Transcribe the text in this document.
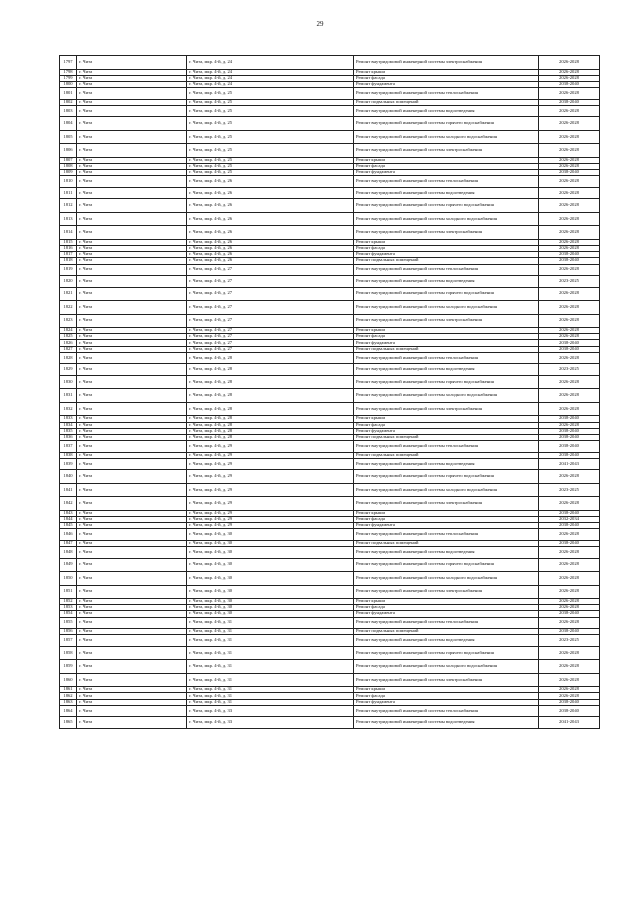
29
1797	г. Чита	г. Чита, мкр. 4-й, д. 24	Ремонт внутридомовой инженерной системы электроснабжения	2026-2028
1798	г. Чита	г. Чита, мкр. 4-й, д. 24	Ремонт крыши	2026-2028
1799	г. Чита	г. Чита, мкр. 4-й, д. 24	Ремонт фасада	2026-2028
1800	г. Чита	г. Чита, мкр. 4-й, д. 24	Ремонт фундамента	2038-2040
1801	г. Чита	г. Чита, мкр. 4-й, д. 25	Ремонт внутридомовой инженерной системы теплоснабжения	2026-2028
1802	г. Чита	г. Чита, мкр. 4-й, д. 25	Ремонт подвальных помещений	2038-2040
1803	г. Чита	г. Чита, мкр. 4-й, д. 25	Ремонт внутридомовой инженерной системы водоотведения	2026-2028
1804	г. Чита	г. Чита, мкр. 4-й, д. 25	Ремонт внутридомовой инженерной системы горячего водоснабжения	2026-2028
1805	г. Чита	г. Чита, мкр. 4-й, д. 25	Ремонт внутридомовой инженерной системы холодного водоснабжения	2026-2028
1806	г. Чита	г. Чита, мкр. 4-й, д. 25	Ремонт внутридомовой инженерной системы электроснабжения	2026-2028
1807	г. Чита	г. Чита, мкр. 4-й, д. 25	Ремонт крыши	2026-2028
1808	г. Чита	г. Чита, мкр. 4-й, д. 25	Ремонт фасада	2026-2028
1809	г. Чита	г. Чита, мкр. 4-й, д. 25	Ремонт фундамента	2038-2040
1810	г. Чита	г. Чита, мкр. 4-й, д. 26	Ремонт внутридомовой инженерной системы теплоснабжения	2026-2028
1811	г. Чита	г. Чита, мкр. 4-й, д. 26	Ремонт внутридомовой инженерной системы водоотведения	2026-2028
1812	г. Чита	г. Чита, мкр. 4-й, д. 26	Ремонт внутридомовой инженерной системы горячего водоснабжения	2026-2028
1813	г. Чита	г. Чита, мкр. 4-й, д. 26	Ремонт внутридомовой инженерной системы холодного водоснабжения	2026-2028
1814	г. Чита	г. Чита, мкр. 4-й, д. 26	Ремонт внутридомовой инженерной системы электроснабжения	2026-2028
1815	г. Чита	г. Чита, мкр. 4-й, д. 26	Ремонт крыши	2026-2028
1816	г. Чита	г. Чита, мкр. 4-й, д. 26	Ремонт фасада	2026-2028
1817	г. Чита	г. Чита, мкр. 4-й, д. 26	Ремонт фундамента	2038-2040
1818	г. Чита	г. Чита, мкр. 4-й, д. 26	Ремонт подвальных помещений	2038-2040
1819	г. Чита	г. Чита, мкр. 4-й, д. 27	Ремонт внутридомовой инженерной системы теплоснабжения	2026-2028
1820	г. Чита	г. Чита, мкр. 4-й, д. 27	Ремонт внутридомовой инженерной системы водоотведения	2023-2025
1821	г. Чита	г. Чита, мкр. 4-й, д. 27	Ремонт внутридомовой инженерной системы горячего водоснабжения	2026-2028
1822	г. Чита	г. Чита, мкр. 4-й, д. 27	Ремонт внутридомовой инженерной системы холодного водоснабжения	2026-2028
1823	г. Чита	г. Чита, мкр. 4-й, д. 27	Ремонт внутридомовой инженерной системы электроснабжения	2026-2028
1824	г. Чита	г. Чита, мкр. 4-й, д. 27	Ремонт крыши	2026-2028
1825	г. Чита	г. Чита, мкр. 4-й, д. 27	Ремонт фасада	2026-2028
1826	г. Чита	г. Чита, мкр. 4-й, д. 27	Ремонт фундамента	2038-2040
1827	г. Чита	г. Чита, мкр. 4-й, д. 27	Ремонт подвальных помещений	2038-2040
1828	г. Чита	г. Чита, мкр. 4-й, д. 28	Ремонт внутридомовой инженерной системы теплоснабжения	2026-2028
1829	г. Чита	г. Чита, мкр. 4-й, д. 28	Ремонт внутридомовой инженерной системы водоотведения	2023-2025
1830	г. Чита	г. Чита, мкр. 4-й, д. 28	Ремонт внутридомовой инженерной системы горячего водоснабжения	2026-2028
1831	г. Чита	г. Чита, мкр. 4-й, д. 28	Ремонт внутридомовой инженерной системы холодного водоснабжения	2026-2028
1832	г. Чита	г. Чита, мкр. 4-й, д. 28	Ремонт внутридомовой инженерной системы электроснабжения	2026-2028
1833	г. Чита	г. Чита, мкр. 4-й, д. 28	Ремонт крыши	2038-2040
1834	г. Чита	г. Чита, мкр. 4-й, д. 28	Ремонт фасада	2026-2028
1835	г. Чита	г. Чита, мкр. 4-й, д. 28	Ремонт фундамента	2038-2040
1836	г. Чита	г. Чита, мкр. 4-й, д. 28	Ремонт подвальных помещений	2038-2040
1837	г. Чита	г. Чита, мкр. 4-й, д. 29	Ремонт внутридомовой инженерной системы теплоснабжения	2038-2040
1838	г. Чита	г. Чита, мкр. 4-й, д. 29	Ремонт подвальных помещений	2038-2040
1839	г. Чита	г. Чита, мкр. 4-й, д. 29	Ремонт внутридомовой инженерной системы водоотведения	2041-2043
1840	г. Чита	г. Чита, мкр. 4-й, д. 29	Ремонт внутридомовой инженерной системы горячего водоснабжения	2026-2028
1841	г. Чита	г. Чита, мкр. 4-й, д. 29	Ремонт внутридомовой инженерной системы холодного водоснабжения	2023-2025
1842	г. Чита	г. Чита, мкр. 4-й, д. 29	Ремонт внутридомовой инженерной системы электроснабжения	2026-2028
1843	г. Чита	г. Чита, мкр. 4-й, д. 29	Ремонт крыши	2038-2040
1844	г. Чита	г. Чита, мкр. 4-й, д. 29	Ремонт фасада	2032-2034
1845	г. Чита	г. Чита, мкр. 4-й, д. 29	Ремонт фундамента	2038-2040
1846	г. Чита	г. Чита, мкр. 4-й, д. 30	Ремонт внутридомовой инженерной системы теплоснабжения	2026-2028
1847	г. Чита	г. Чита, мкр. 4-й, д. 30	Ремонт подвальных помещений	2038-2040
1848	г. Чита	г. Чита, мкр. 4-й, д. 30	Ремонт внутридомовой инженерной системы водоотведения	2026-2028
1849	г. Чита	г. Чита, мкр. 4-й, д. 30	Ремонт внутридомовой инженерной системы горячего водоснабжения	2026-2028
1850	г. Чита	г. Чита, мкр. 4-й, д. 30	Ремонт внутридомовой инженерной системы холодного водоснабжения	2026-2028
1851	г. Чита	г. Чита, мкр. 4-й, д. 30	Ремонт внутридомовой инженерной системы электроснабжения	2026-2028
1852	г. Чита	г. Чита, мкр. 4-й, д. 30	Ремонт крыши	2026-2028
1853	г. Чита	г. Чита, мкр. 4-й, д. 30	Ремонт фасада	2026-2028
1854	г. Чита	г. Чита, мкр. 4-й, д. 30	Ремонт фундамента	2038-2040
1855	г. Чита	г. Чита, мкр. 4-й, д. 31	Ремонт внутридомовой инженерной системы теплоснабжения	2026-2028
1856	г. Чита	г. Чита, мкр. 4-й, д. 31	Ремонт подвальных помещений	2038-2040
1857	г. Чита	г. Чита, мкр. 4-й, д. 31	Ремонт внутридомовой инженерной системы водоотведения	2023-2025
1858	г. Чита	г. Чита, мкр. 4-й, д. 31	Ремонт внутридомовой инженерной системы горячего водоснабжения	2026-2028
1859	г. Чита	г. Чита, мкр. 4-й, д. 31	Ремонт внутридомовой инженерной системы холодного водоснабжения	2026-2028
1860	г. Чита	г. Чита, мкр. 4-й, д. 31	Ремонт внутридомовой инженерной системы электроснабжения	2026-2028
1861	г. Чита	г. Чита, мкр. 4-й, д. 31	Ремонт крыши	2026-2028
1862	г. Чита	г. Чита, мкр. 4-й, д. 31	Ремонт фасада	2026-2028
1863	г. Чита	г. Чита, мкр. 4-й, д. 31	Ремонт фундамента	2038-2040
1864	г. Чита	г. Чита, мкр. 4-й, д. 33	Ремонт внутридомовой инженерной системы теплоснабжения	2038-2040
1865	г. Чита	г. Чита, мкр. 4-й, д. 33	Ремонт внутридомовой инженерной системы водоотведения	2041-2043
